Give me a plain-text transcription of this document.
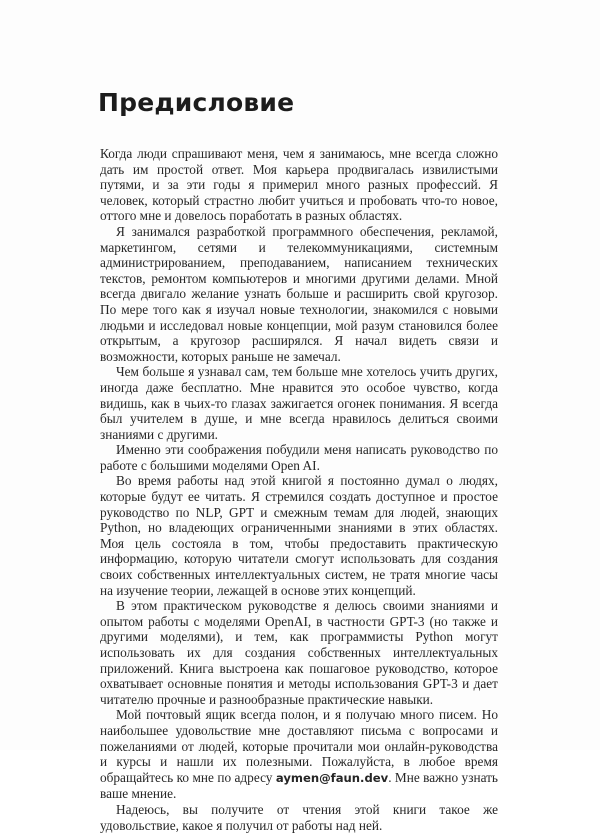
Предисловие

Когда люди спрашивают меня, чем я занимаюсь, мне всегда сложно дать им простой ответ. Моя карьера продвигалась извилистыми путями, и за эти годы я примерил много разных профессий. Я человек, который страстно любит учиться и пробовать что-то новое, оттого мне и довелось поработать в разных областях.

Я занимался разработкой программного обеспечения, рекламой, маркетингом, сетями и телекоммуникациями, системным администрированием, преподаванием, написанием технических текстов, ремонтом компьютеров и многими другими делами. Мной всегда двигало желание узнать больше и расширить свой кругозор. По мере того как я изучал новые технологии, знакомился с новыми людьми и исследовал новые концепции, мой разум становился более открытым, а кругозор расширялся. Я начал видеть связи и возможности, которых раньше не замечал.

Чем больше я узнавал сам, тем больше мне хотелось учить других, иногда даже бесплатно. Мне нравится это особое чувство, когда видишь, как в чьих-то глазах зажигается огонек понимания. Я всегда был учителем в душе, и мне всегда нравилось делиться своими знаниями с другими.

Именно эти соображения побудили меня написать руководство по работе с большими моделями Open AI.

Во время работы над этой книгой я постоянно думал о людях, которые будут ее читать. Я стремился создать доступное и простое руководство по NLP, GPT и смежным темам для людей, знающих Python, но владеющих ограниченными знаниями в этих областях. Моя цель состояла в том, чтобы предоставить практическую информацию, которую читатели смогут использовать для создания своих собственных интеллектуальных систем, не тратя многие часы на изучение теории, лежащей в основе этих концепций.

В этом практическом руководстве я делюсь своими знаниями и опытом работы с моделями OpenAI, в частности GPT-3 (но также и другими моделями), и тем, как программисты Python могут использовать их для создания собственных интеллектуальных приложений. Книга выстроена как пошаговое руководство, которое охватывает основные понятия и методы использования GPT-3 и дает читателю прочные и разнообразные практические навыки.

Мой почтовый ящик всегда полон, и я получаю много писем. Но наибольшее удовольствие мне доставляют письма с вопросами и пожеланиями от людей, которые прочитали мои онлайн-руководства и курсы и нашли их полезными. Пожалуйста, в любое время обращайтесь ко мне по адресу aymen@faun.dev. Мне важно узнать ваше мнение.

Надеюсь, вы получите от чтения этой книги такое же удовольствие, какое я получил от работы над ней.
